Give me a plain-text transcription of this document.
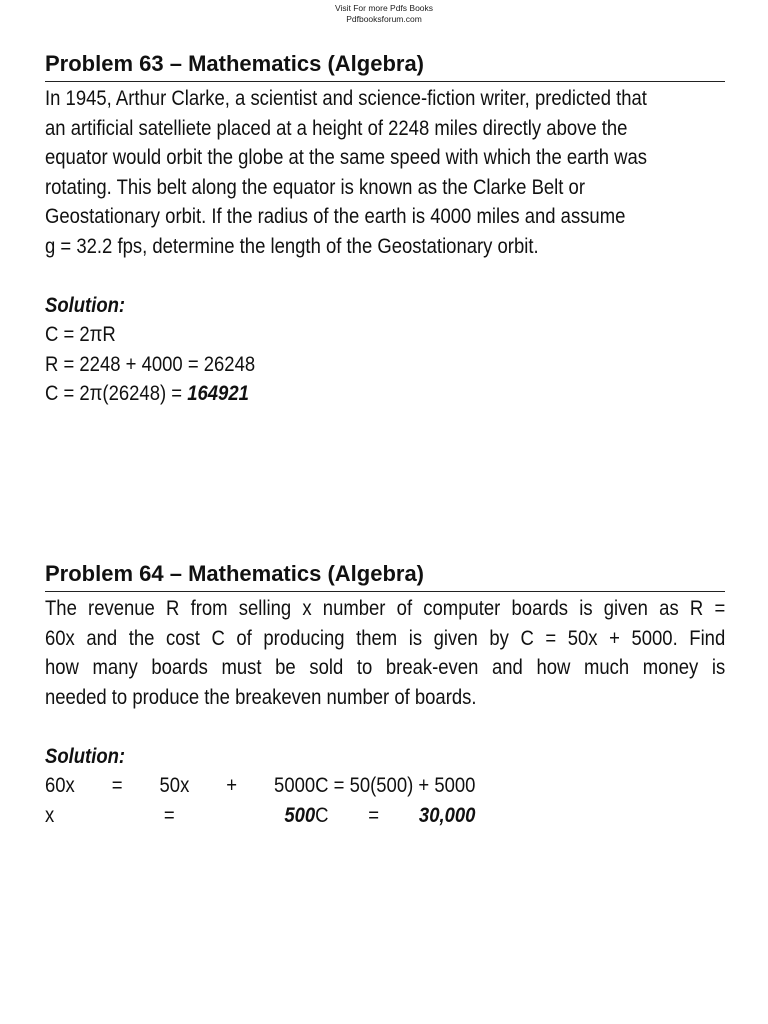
Visit For more Pdfs Books
Pdfbooksforum.com
Problem 63 – Mathematics (Algebra)
In 1945, Arthur Clarke, a scientist and science-fiction writer, predicted that
an artificial satelliete placed at a height of 2248 miles directly above the
equator would orbit the globe at the same speed with which the earth was
rotating. This belt along the equator is known as the Clarke Belt or
Geostationary orbit. If the radius of the earth is 4000 miles and assume
g = 32.2 fps, determine the length of the Geostationary orbit.
Solution:
C = 2πR
R = 2248 + 4000 = 26248
C = 2π(26248) = 164921
Problem 64 – Mathematics (Algebra)
The revenue R from selling x number of computer boards is given as R =
60x and the cost C of producing them is given by C = 50x + 5000. Find
how many boards must be sold to break-even and how much money is
needed to produce the breakeven number of boards.
Solution:
60x = 50x + 5000
x = 500
C = 50(500) + 5000
C = 30,000
